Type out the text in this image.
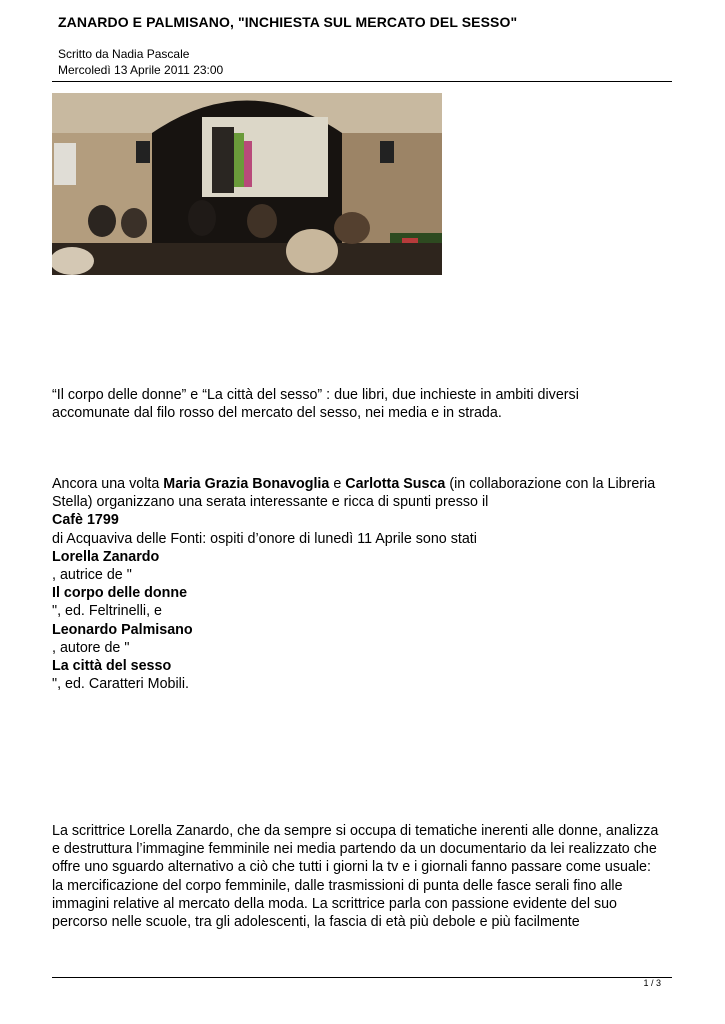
ZANARDO E PALMISANO, "INCHIESTA SUL MERCATO DEL SESSO"
Scritto da Nadia Pascale
Mercoledì 13 Aprile 2011 23:00
“Il corpo delle donne” e “La città del sesso” : due libri, due inchieste in ambiti diversi
accomunate dal filo rosso del mercato del sesso, nei media e in strada.
Ancora una volta Maria Grazia Bonavoglia e Carlotta Susca (in collaborazione con la Libreria
Stella) organizzano una serata interessante e ricca di spunti presso il
Cafè 1799
di Acquaviva delle Fonti: ospiti d’onore di lunedì 11 Aprile sono stati
Lorella Zanardo
, autrice de "
Il corpo delle donne
", ed. Feltrinelli, e
Leonardo Palmisano
, autore de "
La città del sesso
", ed. Caratteri Mobili.
La scrittrice Lorella Zanardo, che da sempre si occupa di tematiche inerenti alle donne, analizza
e destruttura l’immagine femminile nei media partendo da un documentario da lei realizzato che
offre uno sguardo alternativo a ciò che tutti i giorni la tv e i giornali fanno passare come usuale:
la mercificazione del corpo femminile, dalle trasmissioni di punta delle fasce serali fino alle
immagini relative al mercato della moda. La scrittrice parla con passione evidente del suo
percorso nelle scuole, tra gli adolescenti, la fascia di età più debole e più facilmente
1 / 3
